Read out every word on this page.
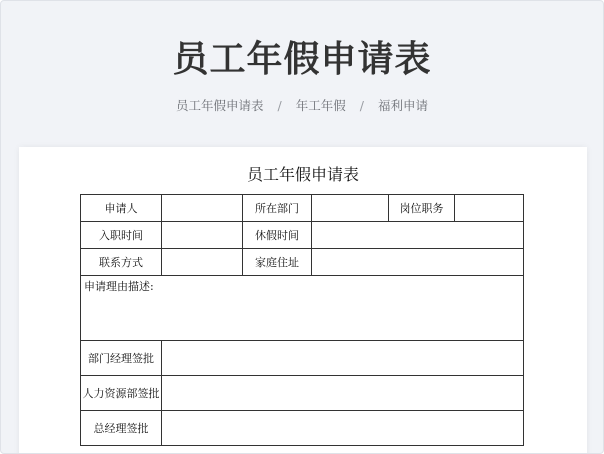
员工年假申请表
员工年假申请表 / 年工年假 / 福利申请
员工年假申请表
申请人		所在部门		岗位职务	
入职时间		休假时间			
联系方式		家庭住址			
申请理由描述:					
部门经理签批					
人力资源部签批					
总经理签批					
